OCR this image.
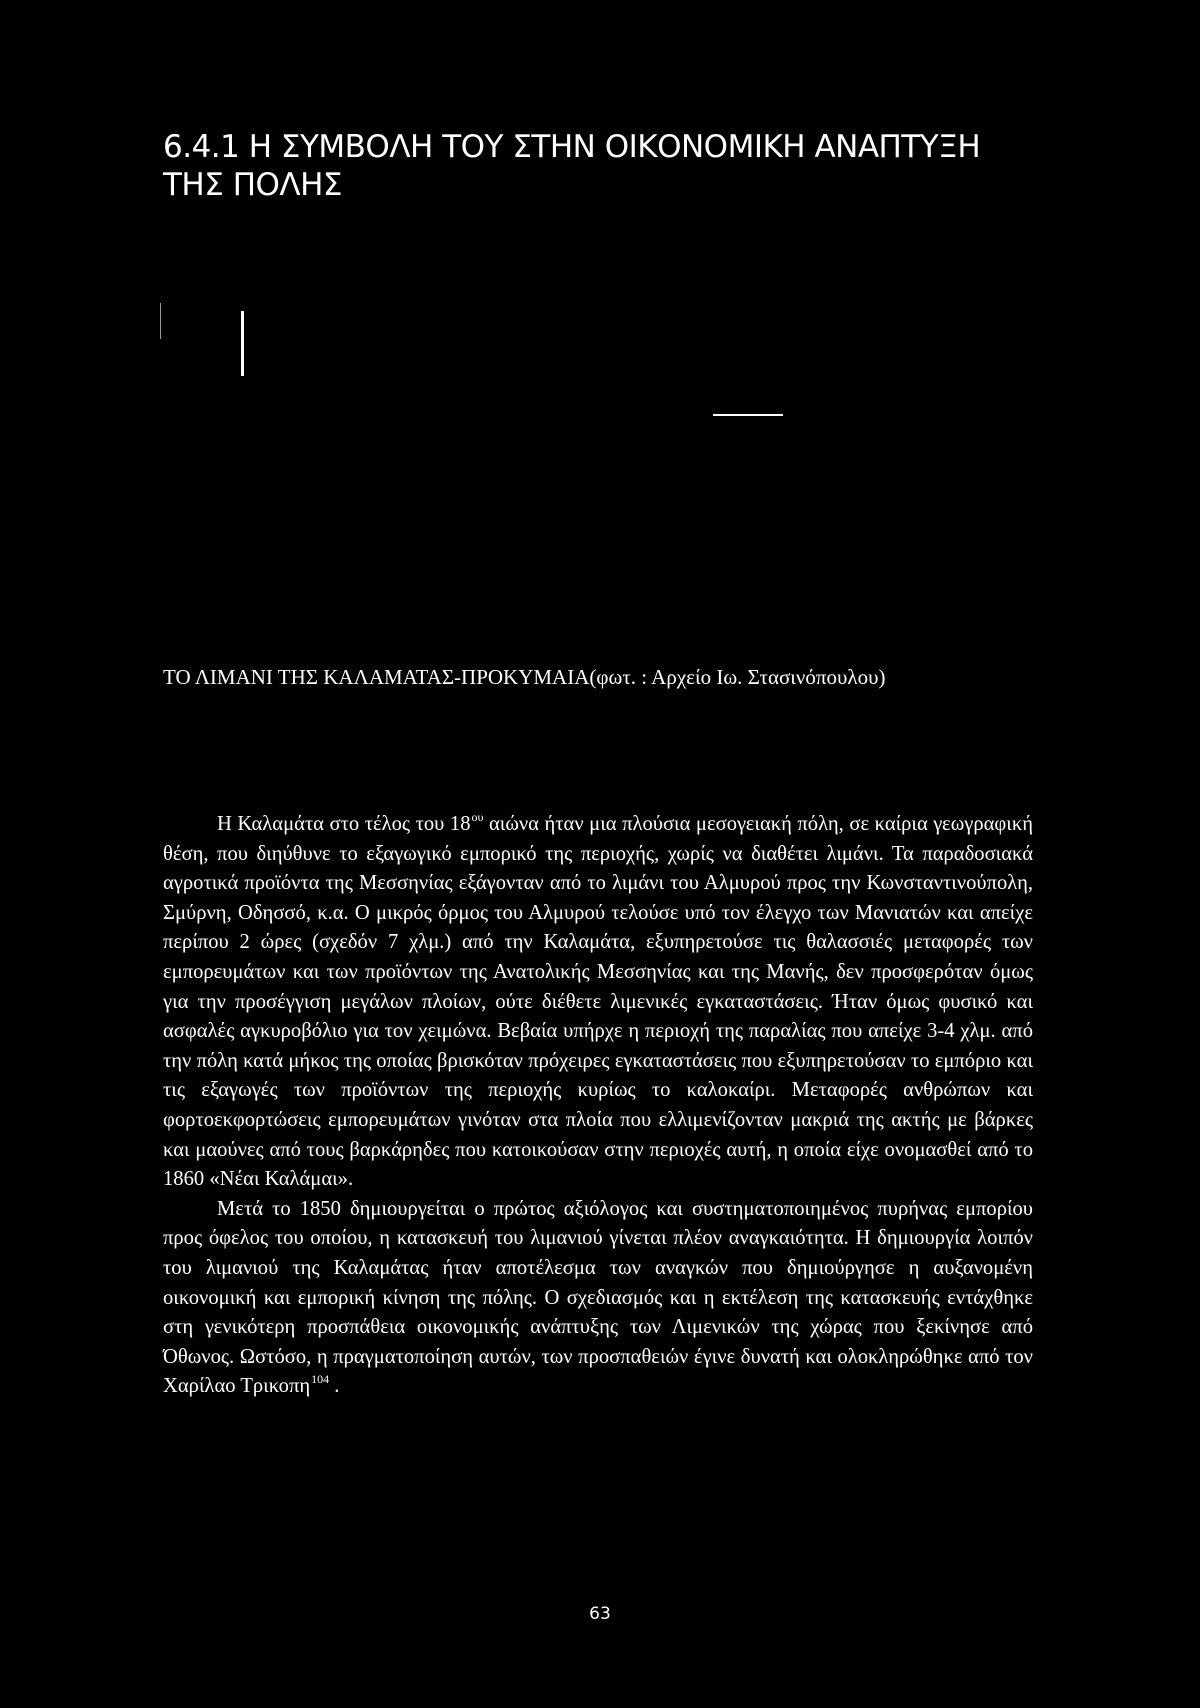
6.4.1 Η ΣΥΜΒΟΛΗ ΤΟΥ ΣΤΗΝ ΟΙΚΟΝΟΜΙΚΗ ΑΝΑΠΤΥΞΗ
ΤΗΣ ΠΟΛΗΣ
ΤΟ ΛΙΜΑΝΙ ΤΗΣ ΚΑΛΑΜΑΤΑΣ-ΠΡΟΚΥΜΑΙΑ(φωτ. : Αρχείο Ιω. Στασινόπουλου)

Η Καλαμάτα στο τέλος του $18^{o\upsilon}$ αιώνα ήταν μια πλούσια μεσογειακή πόλη, σε καίρια γεωγραφική θέση, που διηύθυνε το εξαγωγικό εμπορικό της περιοχής, χωρίς να διαθέτει λιμάνι. Τα παραδοσιακά αγροτικά προϊόντα της Μεσσηνίας εξάγονταν από το λιμάνι του Αλμυρού προς την Κωνσταντινούπολη, Σμύρνη, Οδησσό, κ.α. Ο μικρός όρμος του Αλμυρού τελούσε υπό τον έλεγχο των Μανιατών και απείχε περίπου 2 ώρες (σχεδόν 7 χλμ.) από την Καλαμάτα, εξυπηρετούσε τις θαλασσιές μεταφορές των εμπορευμάτων και των προϊόντων της Ανατολικής Μεσσηνίας και της Μανής, δεν προσφερόταν όμως για την προσέγγιση μεγάλων πλοίων, ούτε διέθετε λιμενικές εγκαταστάσεις. Ήταν όμως φυσικό και ασφαλές αγκυροβόλιο για τον χειμώνα. Βεβαία υπήρχε η περιοχή της παραλίας που απείχε 3-4 χλμ. από την πόλη κατά μήκος της οποίας βρισκόταν πρόχειρες εγκαταστάσεις που εξυπηρετούσαν το εμπόριο και τις εξαγωγές των προϊόντων της περιοχής κυρίως το καλοκαίρι. Μεταφορές ανθρώπων και φορτοεκφορτώσεις εμπορευμάτων γινόταν στα πλοία που ελλιμενίζονταν μακριά της ακτής με βάρκες και μαούνες από τους βαρκάρηδες που κατοικούσαν στην περιοχές αυτή, η οποία είχε ονομασθεί από το 1860 «Νέαι Καλάμαι».

Μετά το 1850 δημιουργείται ο πρώτος αξιόλογος και συστηματοποιημένος πυρήνας εμπορίου προς όφελος του οποίου, η κατασκευή του λιμανιού γίνεται πλέον αναγκαιότητα. Η δημιουργία λοιπόν του λιμανιού της Καλαμάτας ήταν αποτέλεσμα των αναγκών που δημιούργησε η αυξανομένη οικονομική και εμπορική κίνηση της πόλης. Ο σχεδιασμός και η εκτέλεση της κατασκευής εντάχθηκε στη γενικότερη προσπάθεια οικονομικής ανάπτυξης των Λιμενικών της χώρας που ξεκίνησε από Όθωνος. Ωστόσο, η πραγματοποίηση αυτών, των προσπαθειών έγινε δυνατή και ολοκληρώθηκε από τον Χαρίλαο Τρικοπη$^{104}$ .

63
